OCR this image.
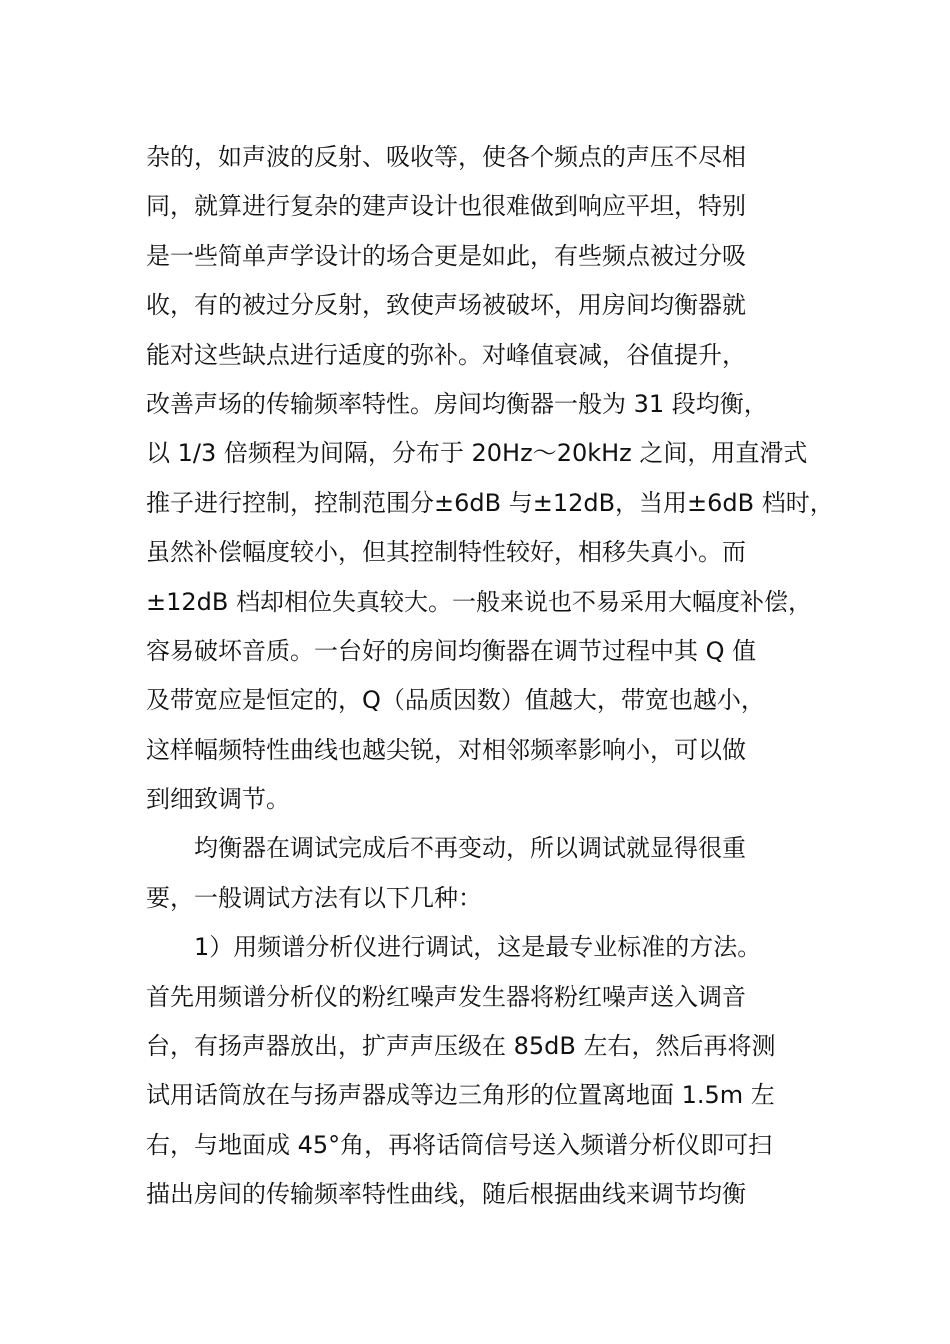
杂的，如声波的反射、吸收等，使各个频点的声压不尽相
同，就算进行复杂的建声设计也很难做到响应平坦，特别
是一些简单声学设计的场合更是如此，有些频点被过分吸
收，有的被过分反射，致使声场被破坏，用房间均衡器就
能对这些缺点进行适度的弥补。对峰值衰减，谷值提升，
改善声场的传输频率特性。房间均衡器一般为 31 段均衡，
以 1/3 倍频程为间隔，分布于 20Hz～20kHz 之间，用直滑式
推子进行控制，控制范围分±6dB 与±12dB，当用±6dB 档时，
虽然补偿幅度较小，但其控制特性较好，相移失真小。而
±12dB 档却相位失真较大。一般来说也不易采用大幅度补偿，
容易破坏音质。一台好的房间均衡器在调节过程中其 Q 值
及带宽应是恒定的，Q（品质因数）值越大，带宽也越小，
这样幅频特性曲线也越尖锐，对相邻频率影响小，可以做
到细致调节。
　　均衡器在调试完成后不再变动，所以调试就显得很重
要，一般调试方法有以下几种：
　　1）用频谱分析仪进行调试，这是最专业标准的方法。
首先用频谱分析仪的粉红噪声发生器将粉红噪声送入调音
台，有扬声器放出，扩声声压级在 85dB 左右，然后再将测
试用话筒放在与扬声器成等边三角形的位置离地面 1.5m 左
右，与地面成 45°角，再将话筒信号送入频谱分析仪即可扫
描出房间的传输频率特性曲线，随后根据曲线来调节均衡
